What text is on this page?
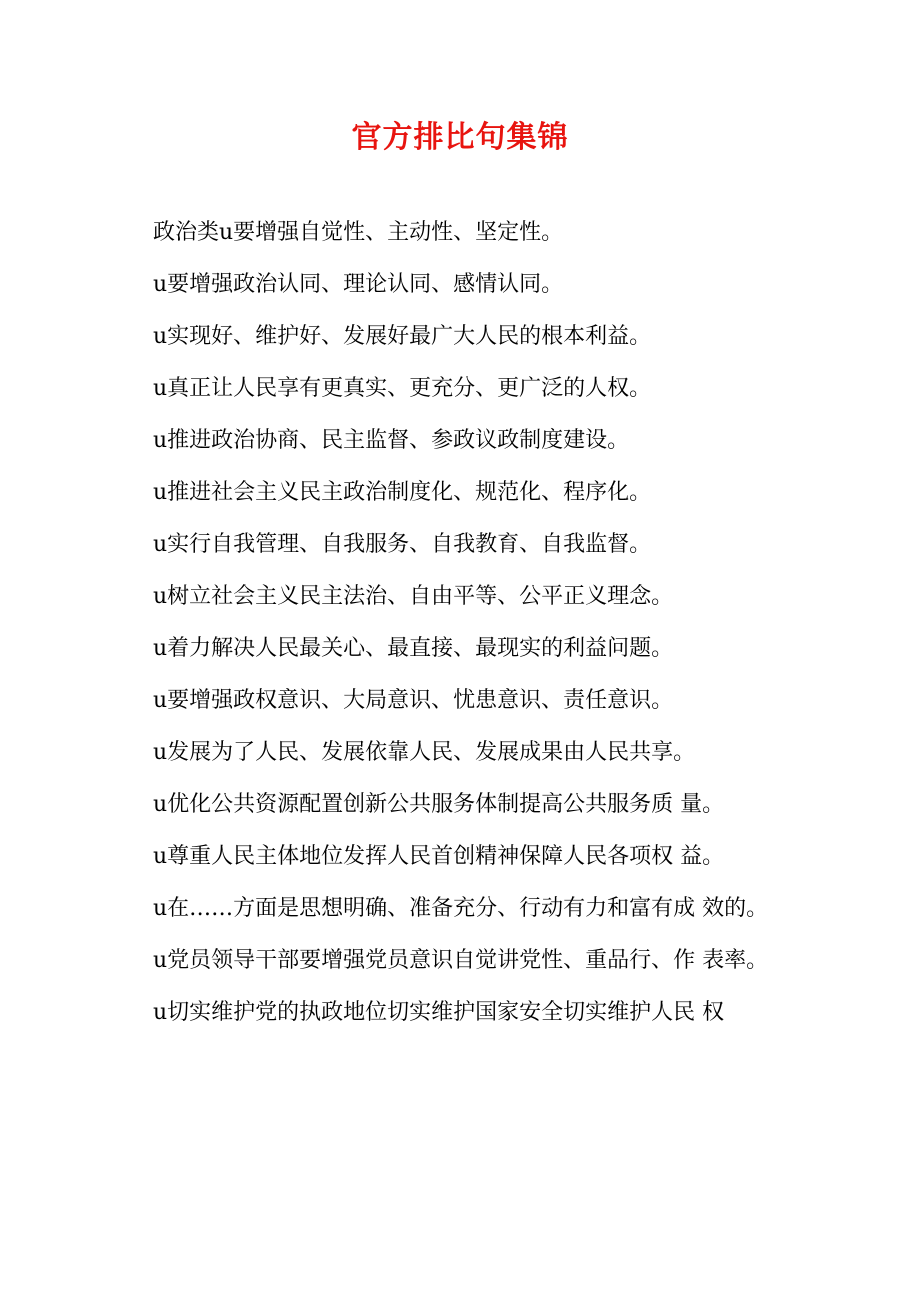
官方排比句集锦

政治类u要增强自觉性、主动性、坚定性。

u要增强政治认同、理论认同、感情认同。

u实现好、维护好、发展好最广大人民的根本利益。

u真正让人民享有更真实、更充分、更广泛的人权。

u推进政治协商、民主监督、参政议政制度建设。

u推进社会主义民主政治制度化、规范化、程序化。

u实行自我管理、自我服务、自我教育、自我监督。

u树立社会主义民主法治、自由平等、公平正义理念。

u着力解决人民最关心、最直接、最现实的利益问题。

u要增强政权意识、大局意识、忧患意识、责任意识。

u发展为了人民、发展依靠人民、发展成果由人民共享。

u优化公共资源配置创新公共服务体制提高公共服务质 量。

u尊重人民主体地位发挥人民首创精神保障人民各项权 益。

u在……方面是思想明确、准备充分、行动有力和富有成 效的。

u党员领导干部要增强党员意识自觉讲党性、重品行、作 表率。

u切实维护党的执政地位切实维护国家安全切实维护人民 权
